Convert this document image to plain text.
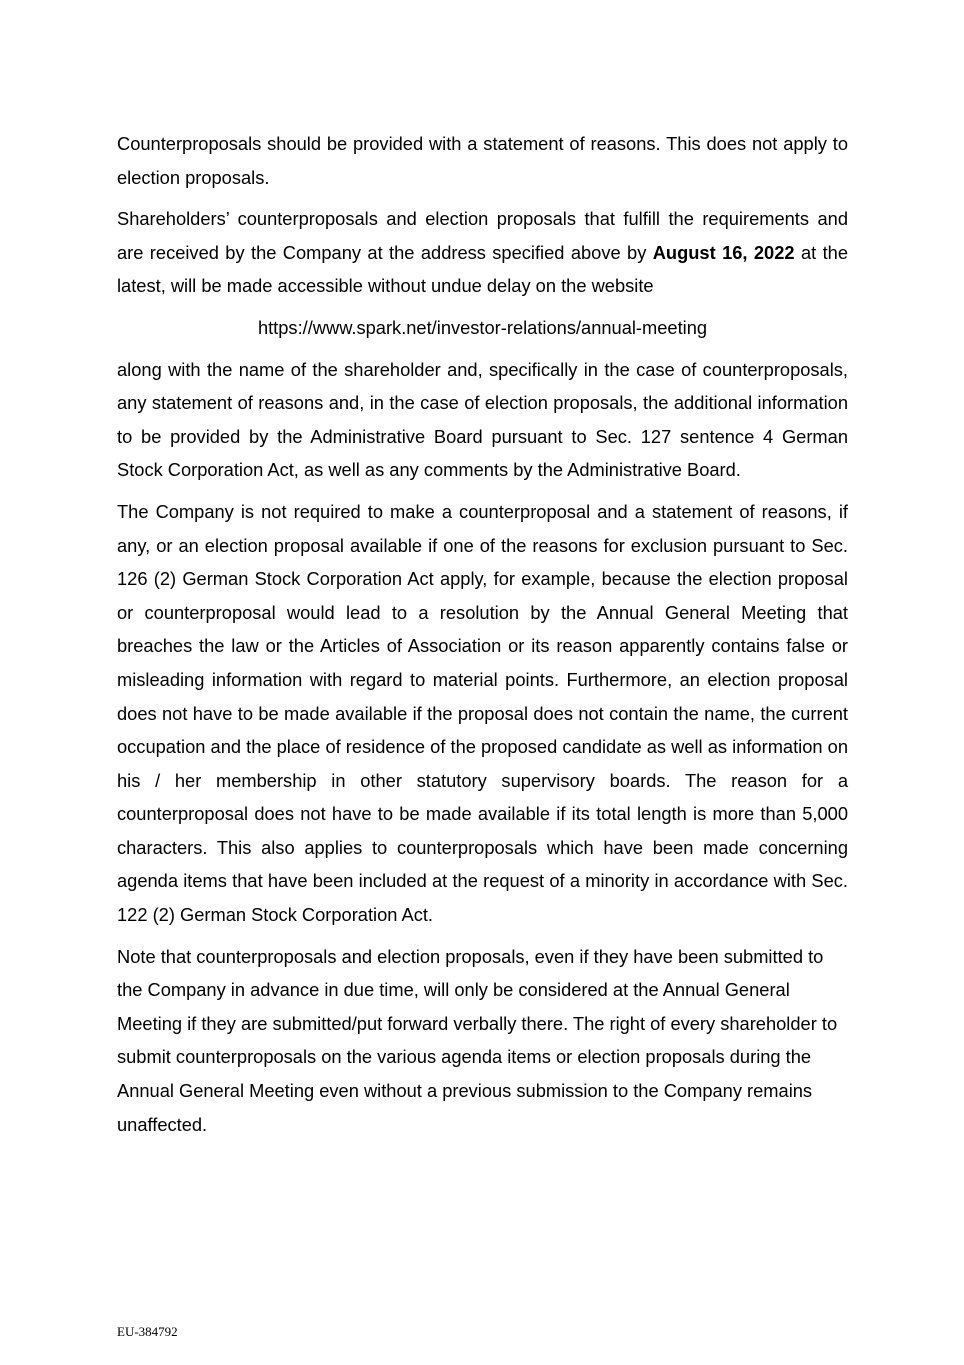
Counterproposals should be provided with a statement of reasons. This does not apply to election proposals.

Shareholders’ counterproposals and election proposals that fulfill the requirements and are received by the Company at the address specified above by August 16, 2022 at the latest, will be made accessible without undue delay on the website

https://www.spark.net/investor-relations/annual-meeting

along with the name of the shareholder and, specifically in the case of counterproposals, any statement of reasons and, in the case of election proposals, the additional information to be provided by the Administrative Board pursuant to Sec. 127 sentence 4 German Stock Corporation Act, as well as any comments by the Administrative Board.

The Company is not required to make a counterproposal and a statement of reasons, if any, or an election proposal available if one of the reasons for exclusion pursuant to Sec. 126 (2) German Stock Corporation Act apply, for example, because the election proposal or counterproposal would lead to a resolution by the Annual General Meeting that breaches the law or the Articles of Association or its reason apparently contains false or misleading information with regard to material points. Furthermore, an election proposal does not have to be made available if the proposal does not contain the name, the current occupation and the place of residence of the proposed candidate as well as information on his / her membership in other statutory supervisory boards. The reason for a counterproposal does not have to be made available if its total length is more than 5,000 characters. This also applies to counterproposals which have been made concerning agenda items that have been included at the request of a minority in accordance with Sec. 122 (2) German Stock Corporation Act.

Note that counterproposals and election proposals, even if they have been submitted to the Company in advance in due time, will only be considered at the Annual General Meeting if they are submitted/put forward verbally there. The right of every shareholder to submit counterproposals on the various agenda items or election proposals during the Annual General Meeting even without a previous submission to the Company remains unaffected.

EU-384792
